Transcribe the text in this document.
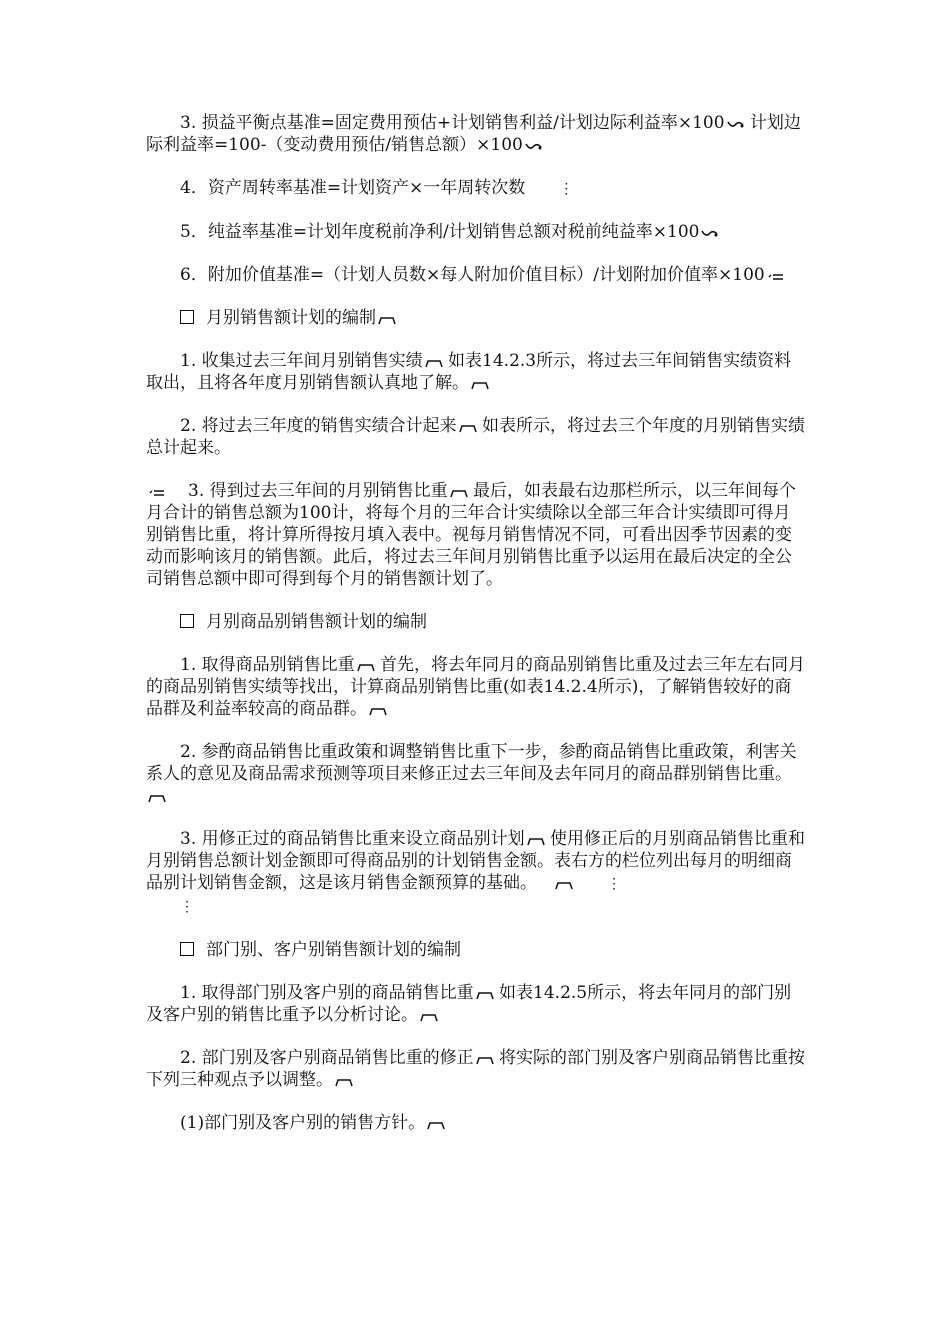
3. 损益平衡点基准=固定费用预估+计划销售利益/计划边际利益率×100
计划边际利益率=100-（变动费用预估/销售总额）×100

4．资产周转率基准=计划资产×一年周转次数 ⋮

5．纯益率基准=计划年度税前净利/计划销售总额对税前纯益率×100

6．附加价值基准=（计划人员数×每人附加价值目标）/计划附加价值率×100

月别销售额计划的编制

1. 收集过去三年间月别销售实绩
如表14.2.3所示，将过去三年间销售实绩资料取出，且将各年度月别销售额认真地了解。

2. 将过去三年度的销售实绩合计起来
如表所示，将过去三个年度的月别销售实绩总计起来。

3. 得到过去三年间的月别销售比重
最后，如表最右边那栏所示，以三年间每个月合计的销售总额为100计，将每个月的三年合计实绩除以全部三年合计实绩即可得月别销售比重，将计算所得按月填入表中。视每月销售情况不同，可看出因季节因素的变动而影响该月的销售额。此后，将过去三年间月别销售比重予以运用在最后决定的全公司销售总额中即可得到每个月的销售额计划了。

月别商品别销售额计划的编制

1. 取得商品别销售比重
首先，将去年同月的商品别销售比重及过去三年左右同月的商品别销售实绩等找出，计算商品别销售比重(如表14.2.4所示)，了解销售较好的商品群及利益率较高的商品群。

2. 参酌商品销售比重政策和调整销售比重下一步，参酌商品销售比重政策，利害关系人的意见及商品需求预测等项目来修正过去三年间及去年同月的商品群别销售比重。

3. 用修正过的商品销售比重来设立商品别计划
使用修正后的月别商品销售比重和月别销售总额计划金额即可得商品别的计划销售金额。表右方的栏位列出每月的明细商品别计划销售金额，这是该月销售金额预算的基础。	⋮
⋮

部门别、客户别销售额计划的编制

1. 取得部门别及客户别的商品销售比重
如表14.2.5所示，将去年同月的部门别及客户别的销售比重予以分析讨论。

2. 部门别及客户别商品销售比重的修正
将实际的部门别及客户别商品销售比重按下列三种观点予以调整。

(1)部门别及客户别的销售方针。
